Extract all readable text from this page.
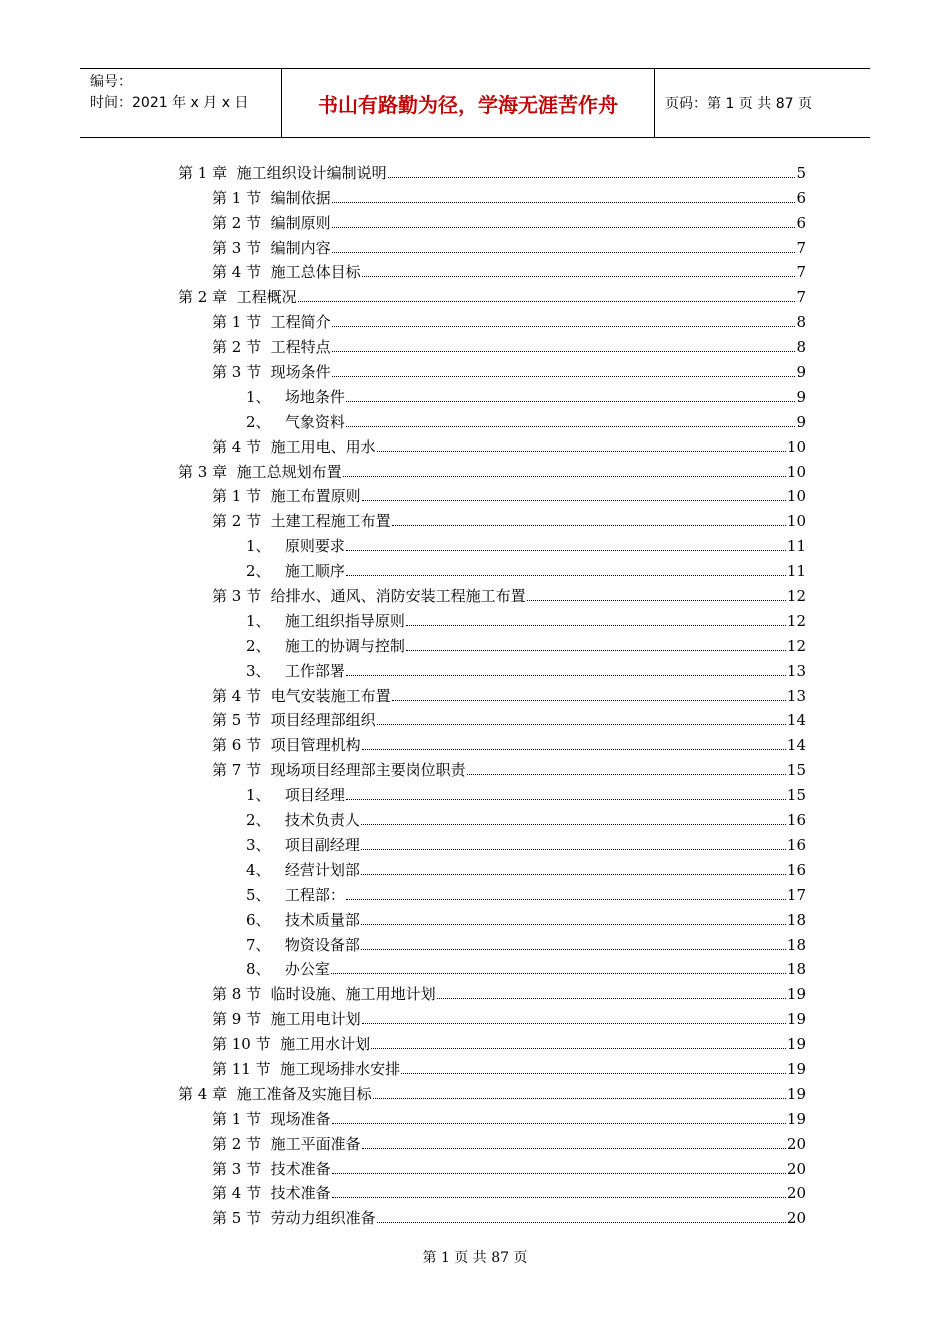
编号：
时间：2021 年 x 月 x 日	书山有路勤为径，学海无涯苦作舟	页码：第 1 页 共 87 页
第 1 章  施工组织设计编制说明	5
第 1 节  编制依据	6
第 2 节  编制原则	6
第 3 节  编制内容	7
第 4 节  施工总体目标	7
第 2 章  工程概况	7
第 1 节  工程简介	8
第 2 节  工程特点	8
第 3 节  现场条件	9
1、   场地条件	9
2、   气象资料	9
第 4 节  施工用电、用水	10
第 3 章  施工总规划布置	10
第 1 节  施工布置原则	10
第 2 节  土建工程施工布置	10
1、   原则要求	11
2、   施工顺序	11
第 3 节  给排水、通风、消防安装工程施工布置	12
1、   施工组织指导原则	12
2、   施工的协调与控制	12
3、   工作部署	13
第 4 节  电气安装施工布置	13
第 5 节  项目经理部组织	14
第 6 节  项目管理机构	14
第 7 节  现场项目经理部主要岗位职责	15
1、   项目经理	15
2、   技术负责人	16
3、   项目副经理	16
4、   经营计划部	16
5、   工程部：	17
6、   技术质量部	18
7、   物资设备部	18
8、   办公室	18
第 8 节  临时设施、施工用地计划	19
第 9 节  施工用电计划	19
第 10 节  施工用水计划	19
第 11 节  施工现场排水安排	19
第 4 章  施工准备及实施目标	19
第 1 节  现场准备	19
第 2 节  施工平面准备	20
第 3 节  技术准备	20
第 4 节  技术准备	20
第 5 节  劳动力组织准备	20
第 1 页 共 87 页
